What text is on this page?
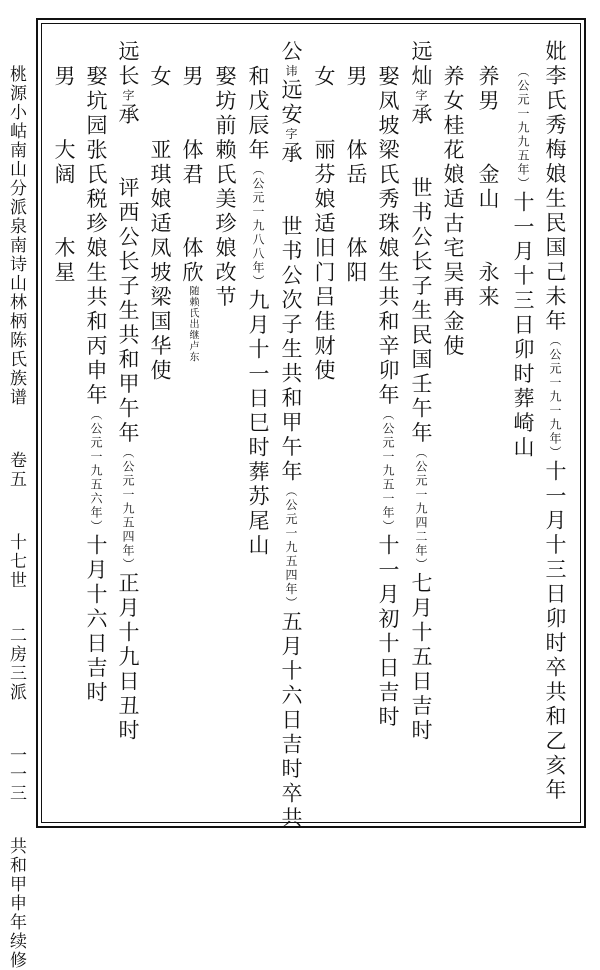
桃源小岵南山分派泉南诗山林柄陈氏族谱 卷五 十七世 二房三派 一一三 共和甲申年续修
妣李氏秀梅娘生民国己未年（公元一九一九年）十一月十三日卯时卒共和乙亥年
（公元一九九五年）十一月十三日卯时葬崎山
养男　　金山　　永来
养女桂花娘适古宅吴再金使
远灿字承　　世书公长子生民国壬午年（公元一九四二年）七月十五日吉时
娶凤坡梁氏秀珠娘生共和辛卯年（公元一九五一年）十一月初十日吉时
男　　体岳　　体阳
女　　丽芬娘适旧门吕佳财使
公讳远安字承　　世书公次子生共和甲午年（公元一九五四年）五月十六日吉时卒共
和戊辰年（公元一九八八年）九月十一日巳时葬苏尾山
娶坊前赖氏美珍娘改节
男　　体君　　体欣随赖氏出继卢东
女　　亚琪娘适凤坡梁国华使
远长字承　　评西公长子生共和甲午年（公元一九五四年）正月十九日丑时
娶坑园张氏税珍娘生共和丙申年（公元一九五六年）十月十六日吉时
男　　大阔　　木星
